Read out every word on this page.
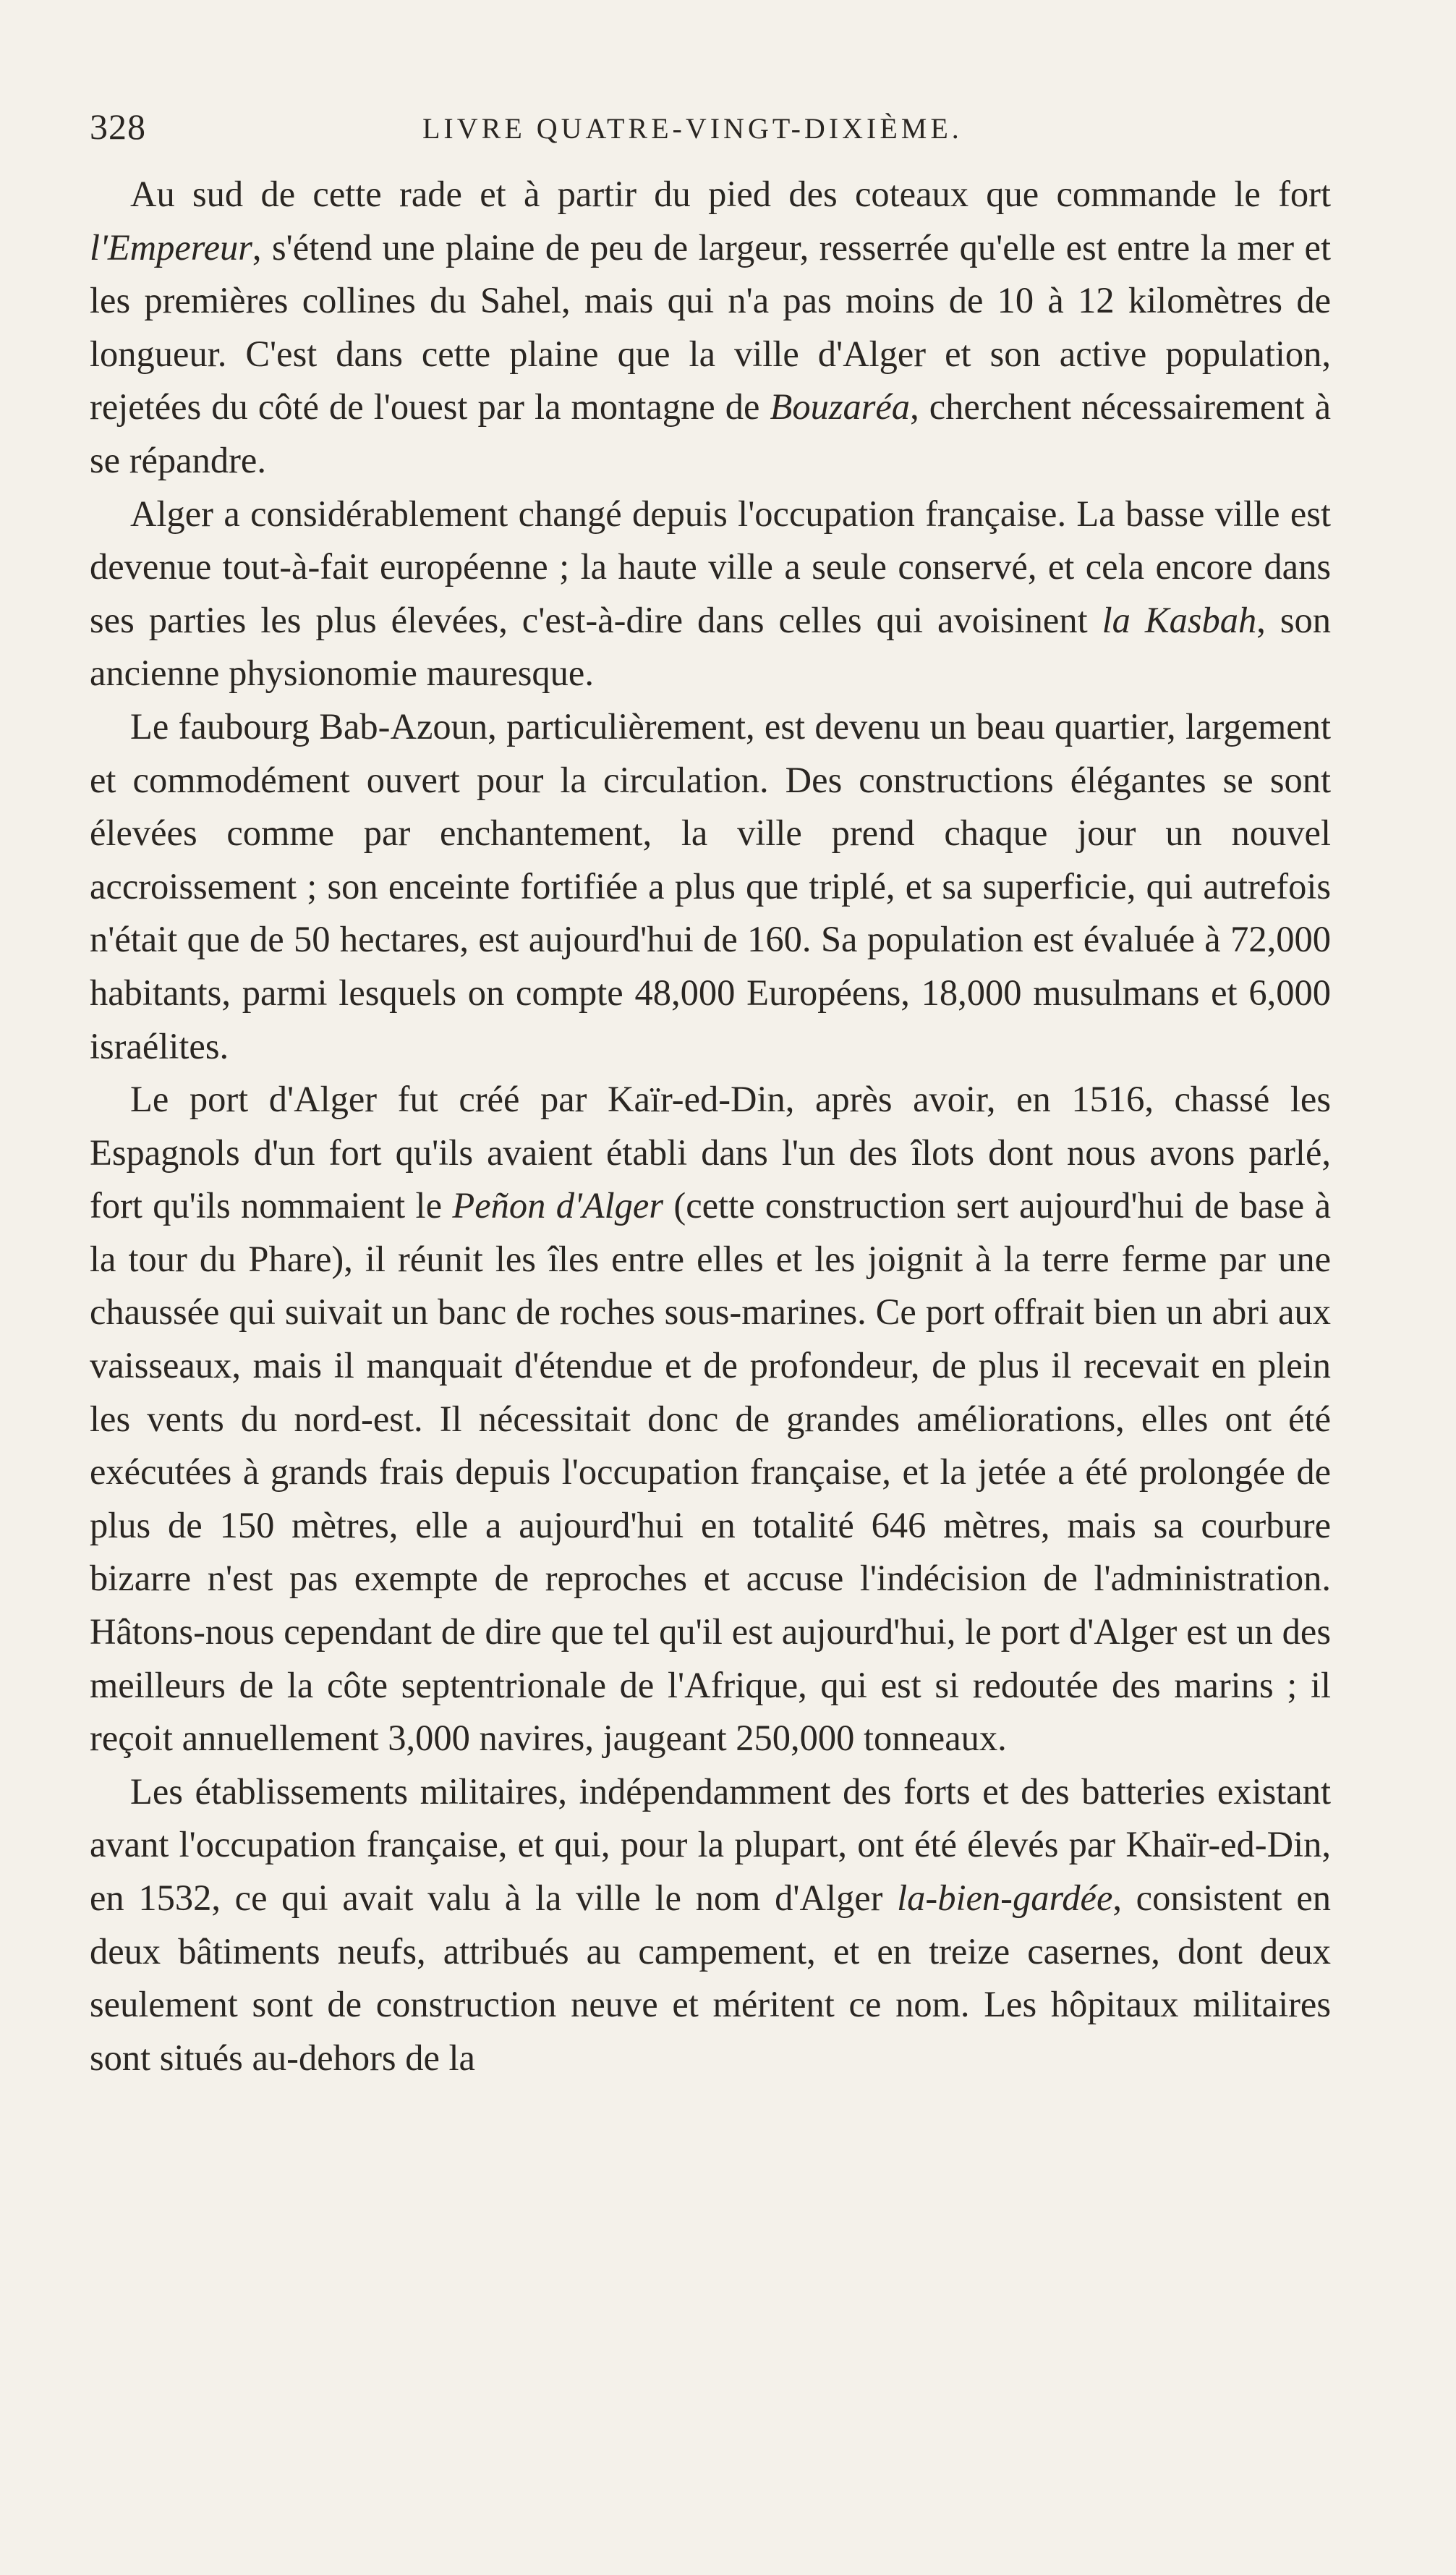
328	LIVRE QUATRE-VINGT-DIXIÈME.

Au sud de cette rade et à partir du pied des coteaux que commande le fort l'Empereur, s'étend une plaine de peu de largeur, resserrée qu'elle est entre la mer et les premières collines du Sahel, mais qui n'a pas moins de 10 à 12 kilomètres de longueur. C'est dans cette plaine que la ville d'Alger et son active population, rejetées du côté de l'ouest par la montagne de Bouzaréa, cherchent nécessairement à se répandre.

Alger a considérablement changé depuis l'occupation française. La basse ville est devenue tout-à-fait européenne ; la haute ville a seule conservé, et cela encore dans ses parties les plus élevées, c'est-à-dire dans celles qui avoisinent la Kasbah, son ancienne physionomie mauresque.

Le faubourg Bab-Azoun, particulièrement, est devenu un beau quartier, largement et commodément ouvert pour la circulation. Des constructions élégantes se sont élevées comme par enchantement, la ville prend chaque jour un nouvel accroissement ; son enceinte fortifiée a plus que triplé, et sa superficie, qui autrefois n'était que de 50 hectares, est aujourd'hui de 160. Sa population est évaluée à 72,000 habitants, parmi lesquels on compte 48,000 Européens, 18,000 musulmans et 6,000 israélites.

Le port d'Alger fut créé par Kaïr-ed-Din, après avoir, en 1516, chassé les Espagnols d'un fort qu'ils avaient établi dans l'un des îlots dont nous avons parlé, fort qu'ils nommaient le Peñon d'Alger (cette construction sert aujourd'hui de base à la tour du Phare), il réunit les îles entre elles et les joignit à la terre ferme par une chaussée qui suivait un banc de roches sous-marines. Ce port offrait bien un abri aux vaisseaux, mais il manquait d'étendue et de profondeur, de plus il recevait en plein les vents du nord-est. Il nécessitait donc de grandes améliorations, elles ont été exécutées à grands frais depuis l'occupation française, et la jetée a été prolongée de plus de 150 mètres, elle a aujourd'hui en totalité 646 mètres, mais sa courbure bizarre n'est pas exempte de reproches et accuse l'indécision de l'administration. Hâtons-nous cependant de dire que tel qu'il est aujourd'hui, le port d'Alger est un des meilleurs de la côte septentrionale de l'Afrique, qui est si redoutée des marins ; il reçoit annuellement 3,000 navires, jaugeant 250,000 tonneaux.

Les établissements militaires, indépendamment des forts et des batteries existant avant l'occupation française, et qui, pour la plupart, ont été élevés par Khaïr-ed-Din, en 1532, ce qui avait valu à la ville le nom d'Alger la-bien-gardée, consistent en deux bâtiments neufs, attribués au campement, et en treize casernes, dont deux seulement sont de construction neuve et méritent ce nom. Les hôpitaux militaires sont situés au-dehors de la
